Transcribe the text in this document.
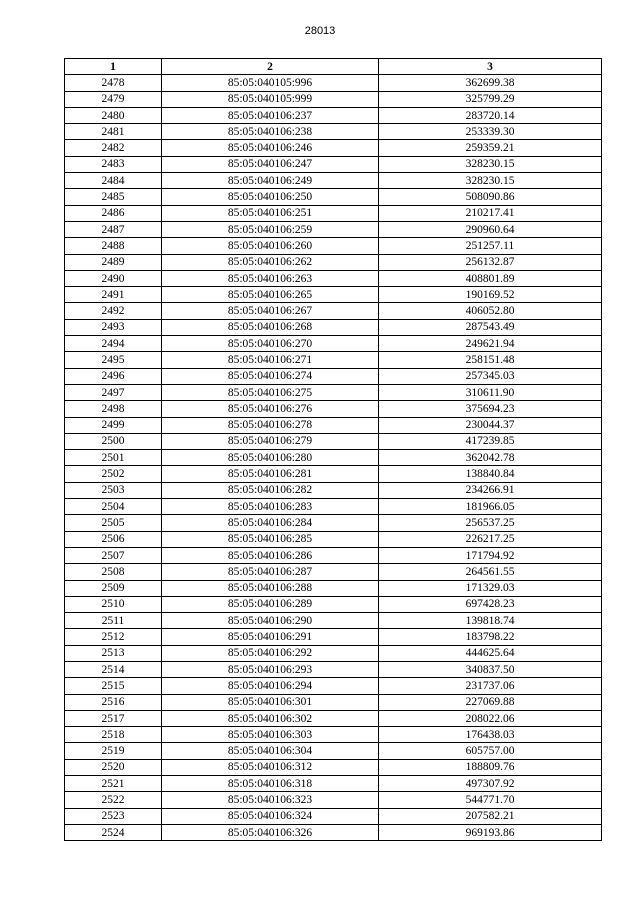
28013
1	2	3
2478	85:05:040105:996	362699.38
2479	85:05:040105:999	325799.29
2480	85:05:040106:237	283720.14
2481	85:05:040106:238	253339.30
2482	85:05:040106:246	259359.21
2483	85:05:040106:247	328230.15
2484	85:05:040106:249	328230.15
2485	85:05:040106:250	508090.86
2486	85:05:040106:251	210217.41
2487	85:05:040106:259	290960.64
2488	85:05:040106:260	251257.11
2489	85:05:040106:262	256132.87
2490	85:05:040106:263	408801.89
2491	85:05:040106:265	190169.52
2492	85:05:040106:267	406052.80
2493	85:05:040106:268	287543.49
2494	85:05:040106:270	249621.94
2495	85:05:040106:271	258151.48
2496	85:05:040106:274	257345.03
2497	85:05:040106:275	310611.90
2498	85:05:040106:276	375694.23
2499	85:05:040106:278	230044.37
2500	85:05:040106:279	417239.85
2501	85:05:040106:280	362042.78
2502	85:05:040106:281	138840.84
2503	85:05:040106:282	234266.91
2504	85:05:040106:283	181966.05
2505	85:05:040106:284	256537.25
2506	85:05:040106:285	226217.25
2507	85:05:040106:286	171794.92
2508	85:05:040106:287	264561.55
2509	85:05:040106:288	171329.03
2510	85:05:040106:289	697428.23
2511	85:05:040106:290	139818.74
2512	85:05:040106:291	183798.22
2513	85:05:040106:292	444625.64
2514	85:05:040106:293	340837.50
2515	85:05:040106:294	231737.06
2516	85:05:040106:301	227069.88
2517	85:05:040106:302	208022.06
2518	85:05:040106:303	176438.03
2519	85:05:040106:304	605757.00
2520	85:05:040106:312	188809.76
2521	85:05:040106:318	497307.92
2522	85:05:040106:323	544771.70
2523	85:05:040106:324	207582.21
2524	85:05:040106:326	969193.86
